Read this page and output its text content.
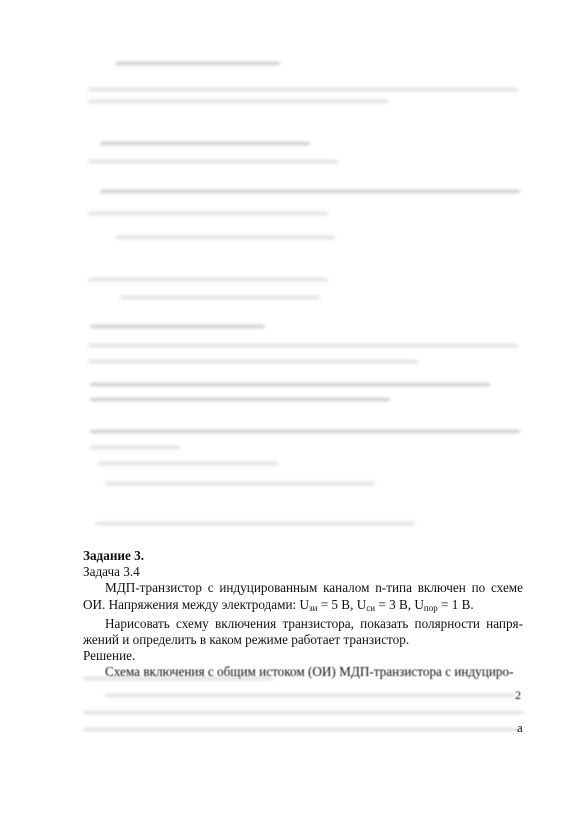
Задание 3.
Задача 3.4
МДП-транзистор с индуцированным каналом n-типа включен по схеме
ОИ. Напряжения между электродами: $U_{зи} = 5$ В, $U_{си} = 3$ В, $U_{пор} = 1$ В.
Нарисовать схему включения транзистора, показать полярности напря-
жений и определить в каком режиме работает транзистор.
Решение.
Схема включения с общим истоком (ОИ) МДП-транзистора с индуциро-
2
а
